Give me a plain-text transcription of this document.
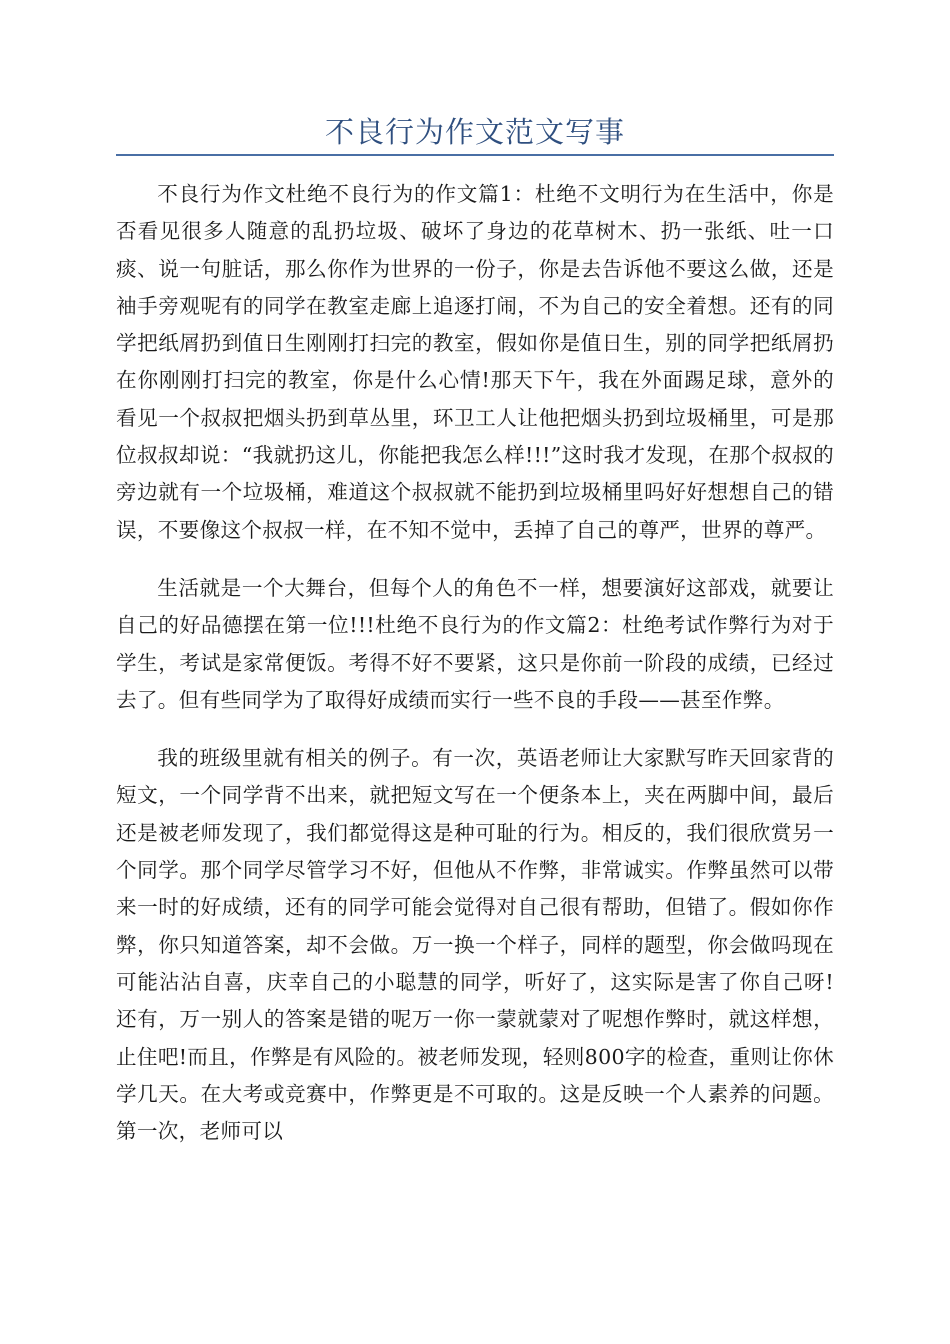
不良行为作文范文写事

不良行为作文杜绝不良行为的作文篇1：杜绝不文明行为在生活中，你是否看见很多人随意的乱扔垃圾、破坏了身边的花草树木、扔一张纸、吐一口痰、说一句脏话，那么你作为世界的一份子，你是去告诉他不要这么做，还是袖手旁观呢有的同学在教室走廊上追逐打闹，不为自己的安全着想。还有的同学把纸屑扔到值日生刚刚打扫完的教室，假如你是值日生，别的同学把纸屑扔在你刚刚打扫完的教室，你是什么心情!那天下午，我在外面踢足球，意外的看见一个叔叔把烟头扔到草丛里，环卫工人让他把烟头扔到垃圾桶里，可是那位叔叔却说：“我就扔这儿，你能把我怎么样!!!”这时我才发现，在那个叔叔的旁边就有一个垃圾桶，难道这个叔叔就不能扔到垃圾桶里吗好好想想自己的错误，不要像这个叔叔一样，在不知不觉中，丢掉了自己的尊严，世界的尊严。

生活就是一个大舞台，但每个人的角色不一样，想要演好这部戏，就要让自己的好品德摆在第一位!!!杜绝不良行为的作文篇2：杜绝考试作弊行为对于学生，考试是家常便饭。考得不好不要紧，这只是你前一阶段的成绩，已经过去了。但有些同学为了取得好成绩而实行一些不良的手段——甚至作弊。

我的班级里就有相关的例子。有一次，英语老师让大家默写昨天回家背的短文，一个同学背不出来，就把短文写在一个便条本上，夹在两脚中间，最后还是被老师发现了，我们都觉得这是种可耻的行为。相反的，我们很欣赏另一个同学。那个同学尽管学习不好，但他从不作弊，非常诚实。作弊虽然可以带来一时的好成绩，还有的同学可能会觉得对自己很有帮助，但错了。假如你作弊，你只知道答案，却不会做。万一换一个样子，同样的题型，你会做吗现在可能沾沾自喜，庆幸自己的小聪慧的同学，听好了，这实际是害了你自己呀!还有，万一别人的答案是错的呢万一你一蒙就蒙对了呢想作弊时，就这样想，止住吧!而且，作弊是有风险的。被老师发现，轻则800字的检查，重则让你休学几天。在大考或竞赛中，作弊更是不可取的。这是反映一个人素养的问题。第一次，老师可以
